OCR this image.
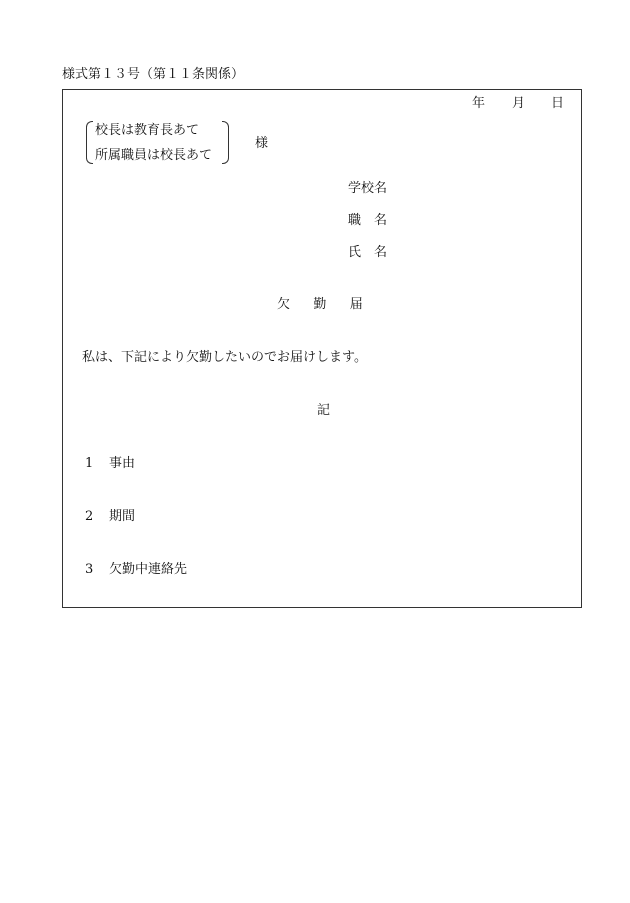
様式第１３号（第１１条関係）
年 月 日
校長は教育長あて
所属職員は校長あて
様
学校名
職　名
氏　名
欠勤届
私は、下記により欠勤したいのでお届けします。
記
1 事由
2 期間
3 欠勤中連絡先
